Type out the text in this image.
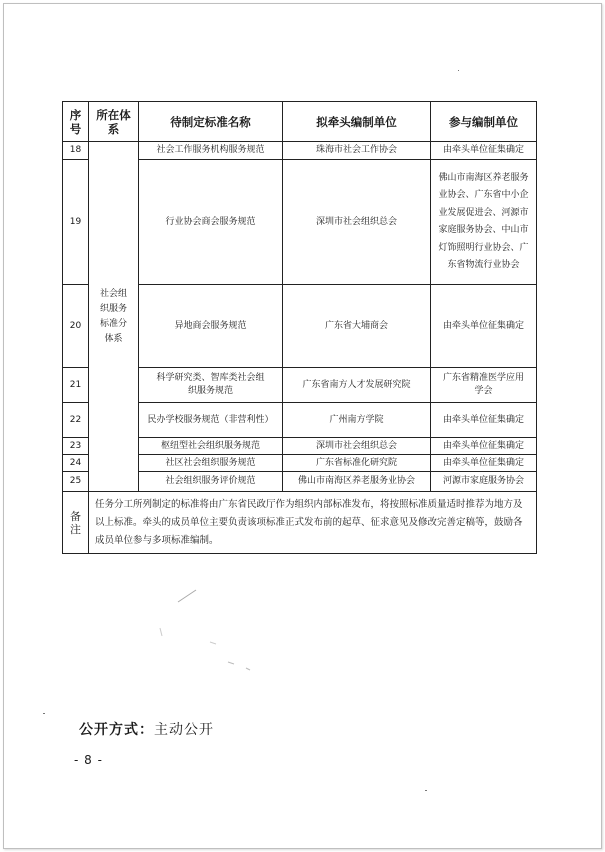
序号	所在体系	待制定标准名称	拟牵头编制单位	参与编制单位
18	社会组织服务标准分体系	社会工作服务机构服务规范	珠海市社会工作协会	由牵头单位征集确定
19		行业协会商会服务规范	深圳市社会组织总会	佛山市南海区养老服务业协会、广东省中小企业发展促进会、河源市家庭服务协会、中山市灯饰照明行业协会、广东省物流行业协会
20		异地商会服务规范	广东省大埔商会	由牵头单位征集确定
21		科学研究类、智库类社会组织服务规范	广东省南方人才发展研究院	广东省精准医学应用学会
22		民办学校服务规范（非营利性）	广州南方学院	由牵头单位征集确定
23		枢纽型社会组织服务规范	深圳市社会组织总会	由牵头单位征集确定
24		社区社会组织服务规范	广东省标准化研究院	由牵头单位征集确定
25		社会组织服务评价规范	佛山市南海区养老服务业协会	河源市家庭服务协会
备注	任务分工所列制定的标准将由广东省民政厅作为组织内部标准发布，将按照标准质量适时推荐为地方及以上标准。牵头的成员单位主要负责该项标准正式发布前的起草、征求意见及修改完善定稿等，鼓励各成员单位参与多项标准编制。			
公开方式：主动公开
- 8 -
